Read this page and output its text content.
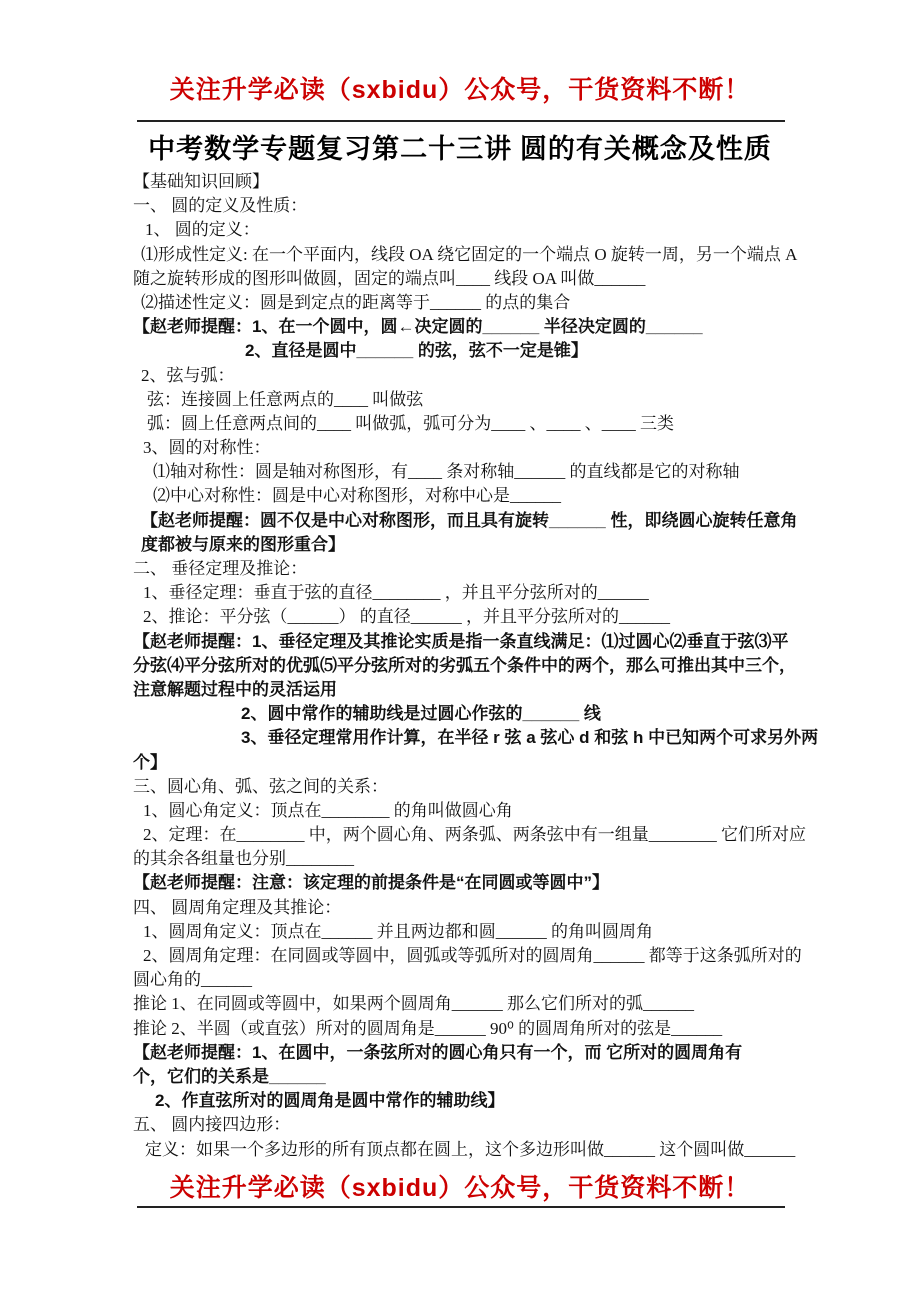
关注升学必读（sxbidu）公众号，干货资料不断！
中考数学专题复习第二十三讲 圆的有关概念及性质
【基础知识回顾】
一、 圆的定义及性质：
1、 圆的定义：
⑴形成性定义: 在一个平面内，线段 OA 绕它固定的一个端点 O 旋转一周，另一个端点 A
随之旋转形成的图形叫做圆，固定的端点叫____ 线段 OA 叫做______
⑵描述性定义：圆是到定点的距离等于______ 的点的集合
【赵老师提醒：1、在一个圆中，圆←决定圆的______ 半径决定圆的______
2、直径是圆中______ 的弦，弦不一定是锥】
2、弦与弧：
弦：连接圆上任意两点的____ 叫做弦
弧：圆上任意两点间的____ 叫做弧，弧可分为____ 、____ 、____ 三类
3、圆的对称性：
⑴轴对称性：圆是轴对称图形，有____ 条对称轴______ 的直线都是它的对称轴
⑵中心对称性：圆是中心对称图形，对称中心是______
【赵老师提醒：圆不仅是中心对称图形，而且具有旋转______ 性，即绕圆心旋转任意角
度都被与原来的图形重合】
二、 垂径定理及推论：
1、垂径定理：垂直于弦的直径________ ，并且平分弦所对的______
2、推论：平分弦（______） 的直径______ ，并且平分弦所对的______
【赵老师提醒：1、垂径定理及其推论实质是指一条直线满足：⑴过圆心⑵垂直于弦⑶平
分弦⑷平分弦所对的优弧⑸平分弦所对的劣弧五个条件中的两个，那么可推出其中三个，
注意解题过程中的灵活运用
2、圆中常作的辅助线是过圆心作弦的______ 线
3、垂径定理常用作计算，在半径 r 弦 a 弦心 d 和弦 h 中已知两个可求另外两
个】
三、圆心角、弧、弦之间的关系：
1、圆心角定义：顶点在________ 的角叫做圆心角
2、定理：在________ 中，两个圆心角、两条弧、两条弦中有一组量________ 它们所对应
的其余各组量也分别________
【赵老师提醒：注意：该定理的前提条件是“在同圆或等圆中”】
四、 圆周角定理及其推论：
1、圆周角定义：顶点在______ 并且两边都和圆______ 的角叫圆周角
2、圆周角定理：在同圆或等圆中，圆弧或等弧所对的圆周角______ 都等于这条弧所对的
圆心角的______
推论 1、在同圆或等圆中，如果两个圆周角______ 那么它们所对的弧______
推论 2、半圆（或直弦）所对的圆周角是______ 90⁰ 的圆周角所对的弦是______
【赵老师提醒：1、在圆中，一条弦所对的圆心角只有一个，而 它所对的圆周角有
个，它们的关系是______
2、作直弦所对的圆周角是圆中常作的辅助线】
五、 圆内接四边形：
定义：如果一个多边形的所有顶点都在圆上，这个多边形叫做______ 这个圆叫做______
关注升学必读（sxbidu）公众号，干货资料不断！
